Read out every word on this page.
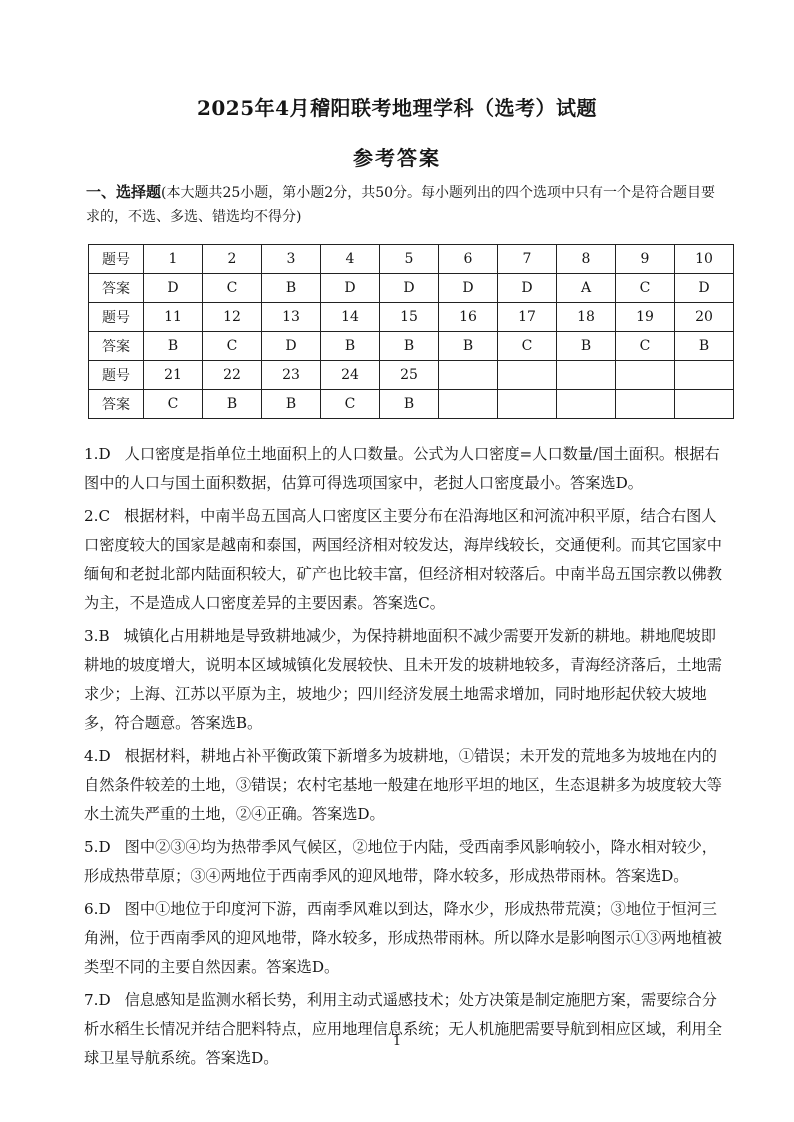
2025年4月稽阳联考地理学科（选考）试题
参考答案
一、选择题(本大题共25小题，第小题2分，共50分。每小题列出的四个选项中只有一个是符合题目要求的，不选、多选、错选均不得分)
题号	1	2	3	4	5	6	7	8	9	10
答案	D	C	B	D	D	D	D	A	C	D
题号	11	12	13	14	15	16	17	18	19	20
答案	B	C	D	B	B	B	C	B	C	B
题号	21	22	23	24	25					
答案	C	B	B	C	B					
1.D 人口密度是指单位土地面积上的人口数量。公式为人口密度=人口数量/国土面积。根据右图中的人口与国土面积数据，估算可得选项国家中，老挝人口密度最小。答案选D。
2.C 根据材料，中南半岛五国高人口密度区主要分布在沿海地区和河流冲积平原，结合右图人口密度较大的国家是越南和泰国，两国经济相对较发达，海岸线较长，交通便利。而其它国家中缅甸和老挝北部内陆面积较大，矿产也比较丰富，但经济相对较落后。中南半岛五国宗教以佛教为主，不是造成人口密度差异的主要因素。答案选C。
3.B 城镇化占用耕地是导致耕地减少，为保持耕地面积不减少需要开发新的耕地。耕地爬坡即耕地的坡度增大，说明本区域城镇化发展较快、且未开发的坡耕地较多，青海经济落后，土地需求少；上海、江苏以平原为主，坡地少；四川经济发展土地需求增加，同时地形起伏较大坡地多，符合题意。答案选B。
4.D 根据材料，耕地占补平衡政策下新增多为坡耕地，①错误；未开发的荒地多为坡地在内的自然条件较差的土地，③错误；农村宅基地一般建在地形平坦的地区，生态退耕多为坡度较大等水土流失严重的土地，②④正确。答案选D。
5.D 图中②③④均为热带季风气候区，②地位于内陆，受西南季风影响较小，降水相对较少，形成热带草原；③④两地位于西南季风的迎风地带，降水较多，形成热带雨林。答案选D。
6.D 图中①地位于印度河下游，西南季风难以到达，降水少，形成热带荒漠；③地位于恒河三角洲，位于西南季风的迎风地带，降水较多，形成热带雨林。所以降水是影响图示①③两地植被类型不同的主要自然因素。答案选D。
7.D 信息感知是监测水稻长势，利用主动式遥感技术；处方决策是制定施肥方案，需要综合分析水稻生长情况并结合肥料特点，应用地理信息系统；无人机施肥需要导航到相应区域，利用全球卫星导航系统。答案选D。
1
